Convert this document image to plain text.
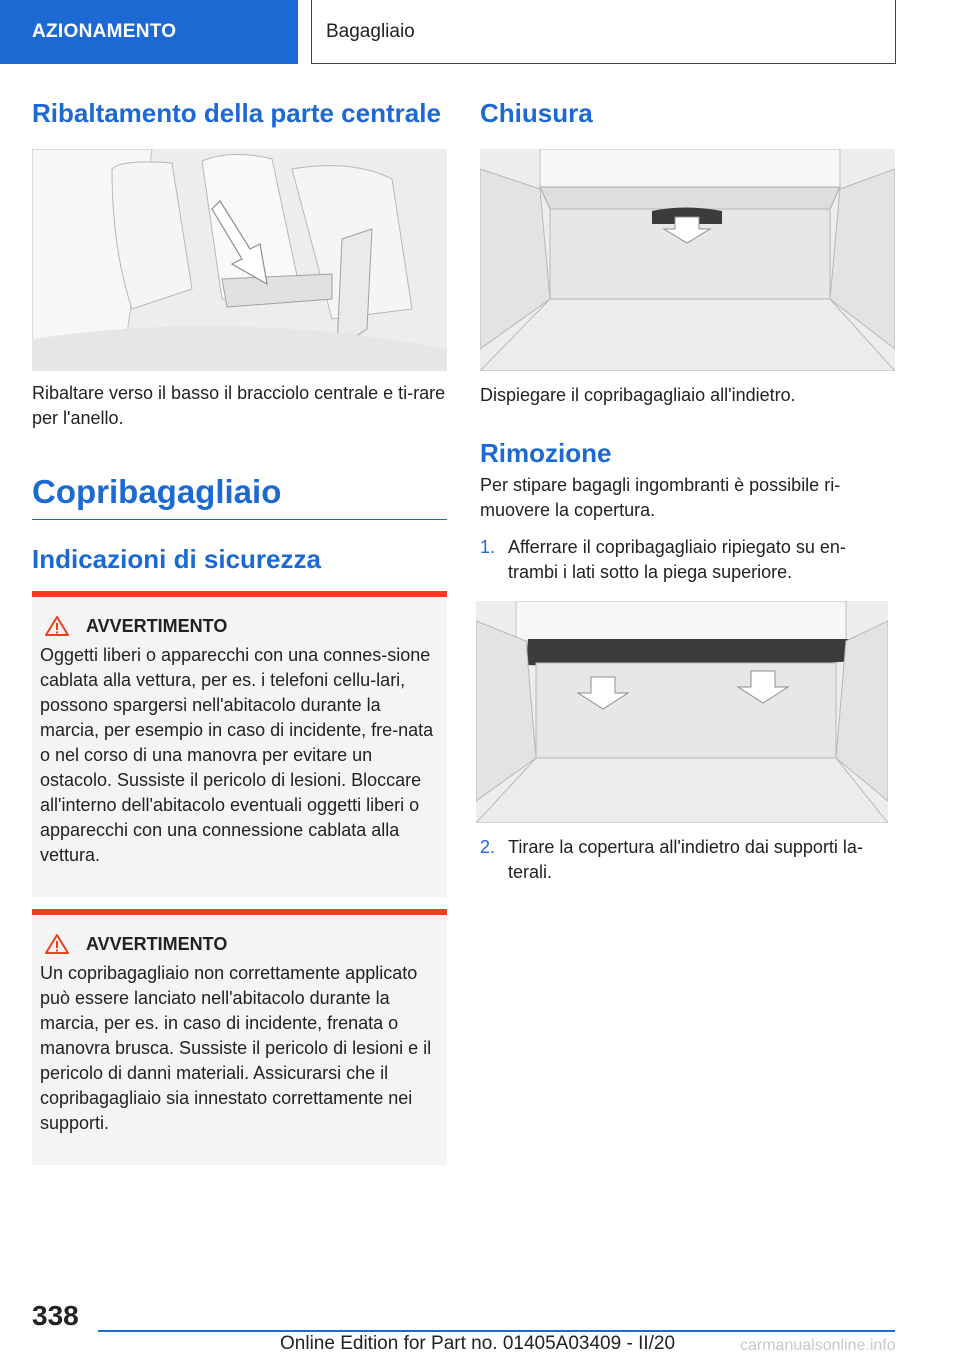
AZIONAMENTO	Bagagliaio
Ribaltamento della parte centrale

Ribaltare verso il basso il bracciolo centrale e ti-rare per l'anello.

Copribagagliaio
Indicazioni di sicurezza
AVVERTIMENTO

Oggetti liberi o apparecchi con una connes-sione cablata alla vettura, per es. i telefoni cellu-lari, possono spargersi nell'abitacolo durante la marcia, per esempio in caso di incidente, fre-nata o nel corso di una manovra per evitare un ostacolo. Sussiste il pericolo di lesioni. Bloccare all'interno dell'abitacolo eventuali oggetti liberi o apparecchi con una connessione cablata alla vettura.

AVVERTIMENTO

Un copribagagliaio non correttamente applicato può essere lanciato nell'abitacolo durante la marcia, per es. in caso di incidente, frenata o manovra brusca. Sussiste il pericolo di lesioni e il pericolo di danni materiali. Assicurarsi che il copribagagliaio sia innestato correttamente nei supporti.

Chiusura

Dispiegare il copribagagliaio all'indietro.

Rimozione

Per stipare bagagli ingombranti è possibile ri-muovere la copertura.

1. Afferrare il copribagagliaio ripiegato su en-trambi i lati sotto la piega superiore.
2. Tirare la copertura all'indietro dai supporti la-terali.
338
Online Edition for Part no. 01405A03409 - II/20	carmanualsonline.info
